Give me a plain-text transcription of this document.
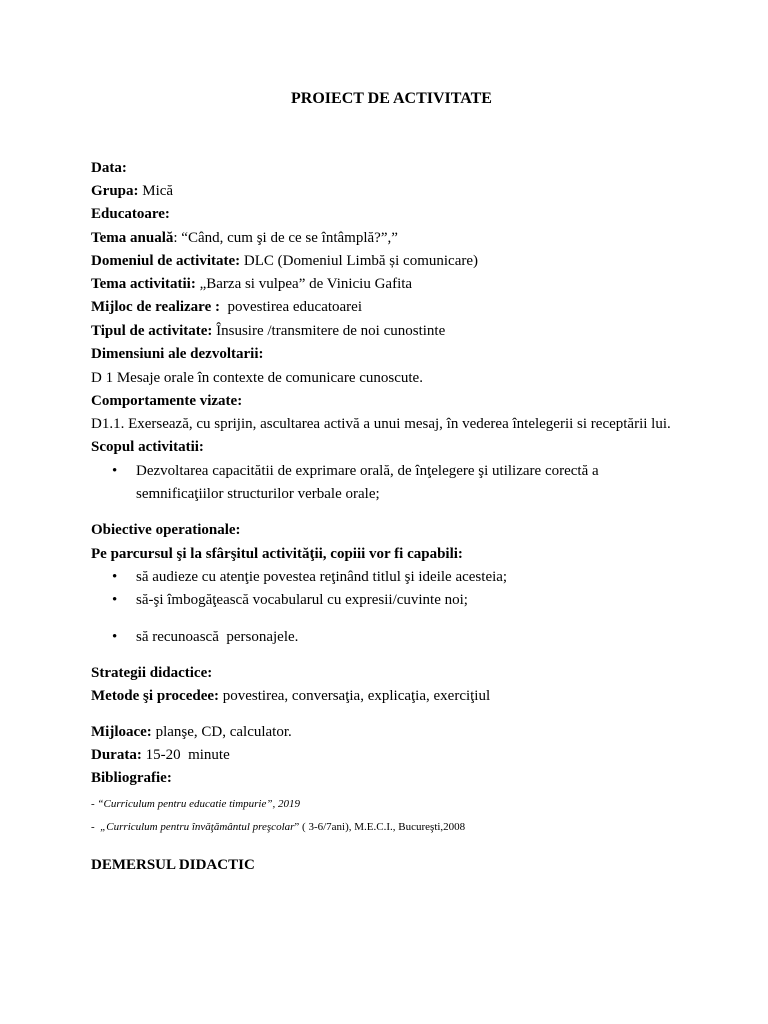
PROIECT DE ACTIVITATE

Data:

Grupa: Mică

Educatoare:

Tema anuală: “Când, cum şi de ce se întâmplă?”,”

Domeniul de activitate: DLC (Domeniul Limbă și comunicare)

Tema activitatii: „Barza si vulpea” de Viniciu Gafita

Mijloc de realizare :  povestirea educatoarei

Tipul de activitate: Însusire /transmitere de noi cunostinte

Dimensiuni ale dezvoltarii:

D 1 Mesaje orale în contexte de comunicare cunoscute.

Comportamente vizate:

D1.1. Exersează, cu sprijin, ascultarea activă a unui mesaj, în vederea întelegerii si receptării lui.

Scopul activitatii:

• Dezvoltarea capacitătii de exprimare orală, de înţelegere şi utilizare corectă a

semnificaţiilor structurilor verbale orale;

Obiective operationale:

Pe parcursul şi la sfârşitul activităţii, copiii vor fi capabili:

• să audieze cu atenţie povestea reţinând titlul şi ideile acesteia;

• să-şi îmbogăţească vocabularul cu expresii/cuvinte noi;

• să recunoască  personajele.

Strategii didactice:

Metode şi procedee: povestirea, conversaţia, explicaţia, exerciţiul

Mijloace: planşe, CD, calculator.

Durata: 15-20  minute

Bibliografie:

- “Curriculum pentru educatie timpurie”, 2019

-  „Curriculum pentru învăţământul preşcolar” ( 3-6/7ani), M.E.C.I., Bucureşti,2008

DEMERSUL DIDACTIC
